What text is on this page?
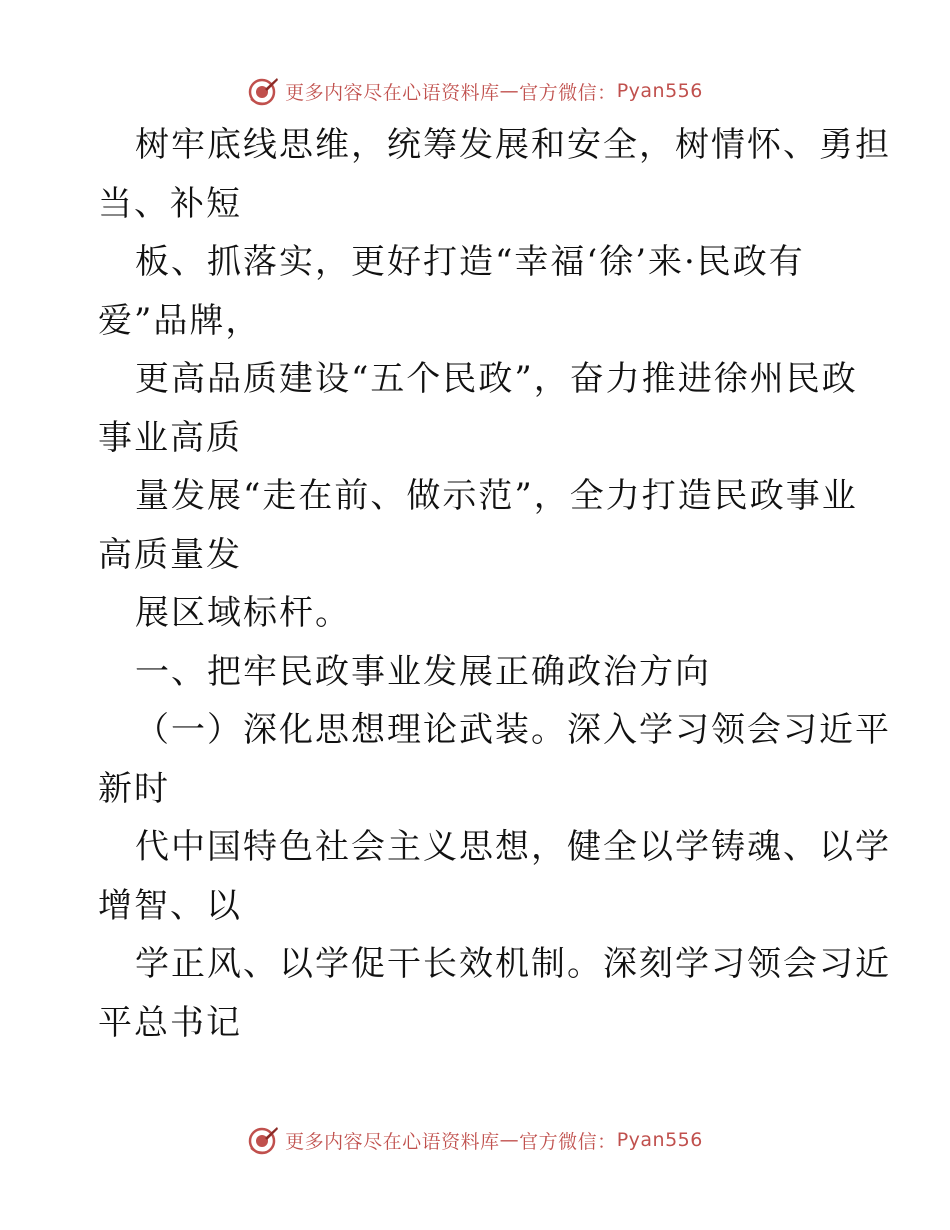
更多内容尽在心语资料库 — 官方微信： Pyan556
树牢底线思维，统筹发展和安全，树情怀、勇担
当、补短
板、抓落实，更好打造“幸福‘徐’来·民政有
爱”品牌，
更高品质建设“五个民政”，奋力推进徐州民政
事业高质
量发展“走在前、做示范”，全力打造民政事业
高质量发
展区域标杆。
一、把牢民政事业发展正确政治方向
（一）深化思想理论武装。深入学习领会习近平
新时
代中国特色社会主义思想，健全以学铸魂、以学
增智、以
学正风、以学促干长效机制。深刻学习领会习近
平总书记
更多内容尽在心语资料库 — 官方微信： Pyan556
